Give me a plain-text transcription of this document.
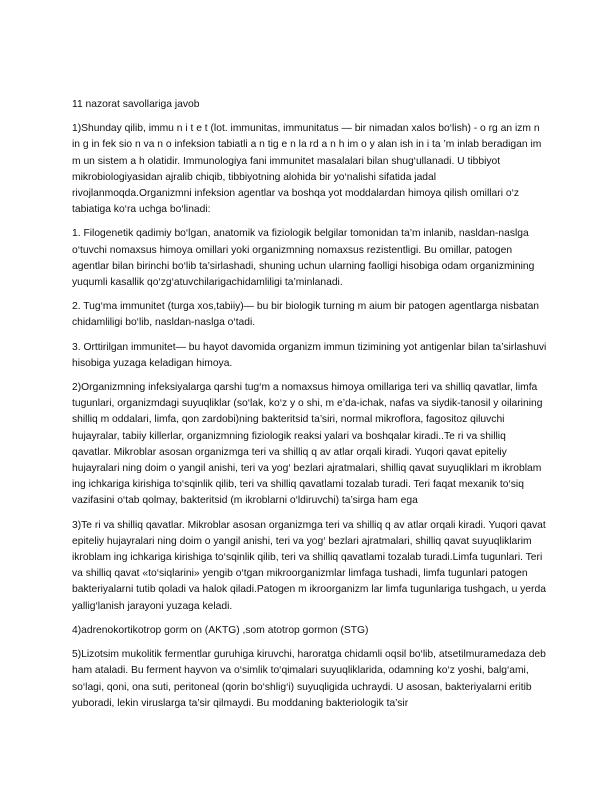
11 nazorat savollariga javob

1)Shunday qilib, immu n i t e t (lot. immunitas, immunitatus — bir nimadan xalos bo‘lish) - o rg an izm n in g in fek sio n va n o infeksion tabiatli a n tig e n la rd a n h im o y alan ish in i ta ’m inlab beradigan im m un sistem a h olatidir. Immunologiya fani immunitet masalalari bilan shug‘ullanadi. U tibbiyot mikrobiologiyasidan ajralib chiqib, tibbiyotning alohida bir yo‘nalishi sifatida jadal rivojlanmoqda.Organizmni infeksion agentlar va boshqa yot moddalardan himoya qilish omillari o‘z tabiatiga ko‘ra uchga bo‘linadi:

1. Filogenetik qadimiy bo‘lgan, anatomik va fiziologik belgilar tomonidan ta’m inlanib, nasldan-naslga o‘tuvchi nomaxsus himoya omillari yoki organizmning nomaxsus rezistentligi. Bu omillar, patogen agentlar bilan birinchi bo‘lib ta’sirlashadi, shuning uchun ularning faolligi hisobiga odam organizmining yuqumli kasallik qo‘zg‘atuvchilarigachidamliligi ta’minlanadi.

2. Tug‘ma immunitet (turga xos,tabiiy)— bu bir biologik turning m aium bir patogen agentlarga nisbatan chidamliligi bo‘lib, nasldan-naslga o‘tadi.

3. Orttirilgan immunitet— bu hayot davomida organizm immun tizimining yot antigenlar bilan ta’sirlashuvi hisobiga yuzaga keladigan himoya.

2)Organizmning infeksiyalarga qarshi tug‘m a nomaxsus himoya omillariga teri va shilliq qavatlar, limfa tugunlari, organizmdagi suyuqliklar (so‘lak, ko‘z y o shi, m e’da-ichak, nafas va siydik-tanosil y oilarining shilliq m oddalari, limfa, qon zardobi)ning bakteritsid ta’siri, normal mikroflora, fagositoz qiluvchi hujayralar, tabiiy killerlar, organizmning fiziologik reaksi yalari va boshqalar kiradi..Te ri va shilliq qavatlar. Mikroblar asosan organizmga teri va shilliq q av atlar orqali kiradi. Yuqori qavat epiteliy hujayralari ning doim o yangil anishi, teri va yog‘ bezlari ajratmalari, shilliq qavat suyuqliklari m ikroblam ing ichkariga kirishiga to‘sqinlik qilib, teri va shilliq qavatlami tozalab turadi. Teri faqat mexanik to‘siq vazifasini o‘tab qolmay, bakteritsid (m ikroblarni o‘ldiruvchi) ta’sirga ham ega

3)Te ri va shilliq qavatlar. Mikroblar asosan organizmga teri va shilliq q av atlar orqali kiradi. Yuqori qavat epiteliy hujayralari ning doim o yangil anishi, teri va yog‘ bezlari ajratmalari, shilliq qavat suyuqliklarim ikroblam ing ichkariga kirishiga to‘sqinlik qilib, teri va shilliq qavatlami tozalab turadi.Limfa tugunlari. Teri va shilliq qavat «to‘siqlarini» yengib o‘tgan mikroorganizmlar limfaga tushadi, limfa tugunlari patogen bakteriyalarni tutib qoladi va halok qiladi.Patogen m ikroorganizm lar limfa tugunlariga tushgach, u yerda yallig‘lanish jarayoni yuzaga keladi.

4)adrenokortikotrop gorm on (AKTG) ,som atotrop gormon (STG)

5)Lizotsim mukolitik fermentlar guruhiga kiruvchi, haroratga chidamli oqsil bo‘lib, atsetilmuramedaza deb ham ataladi. Bu ferment hayvon va o‘simlik to‘qimalari suyuqliklarida, odamning ko‘z yoshi, balg‘ami, so‘lagi, qoni, ona suti, peritoneal (qorin bo‘shlig‘i) suyuqligida uchraydi. U asosan, bakteriyalarni eritib yuboradi, lekin viruslarga ta’sir qilmaydi. Bu moddaning bakteriologik ta’sir
